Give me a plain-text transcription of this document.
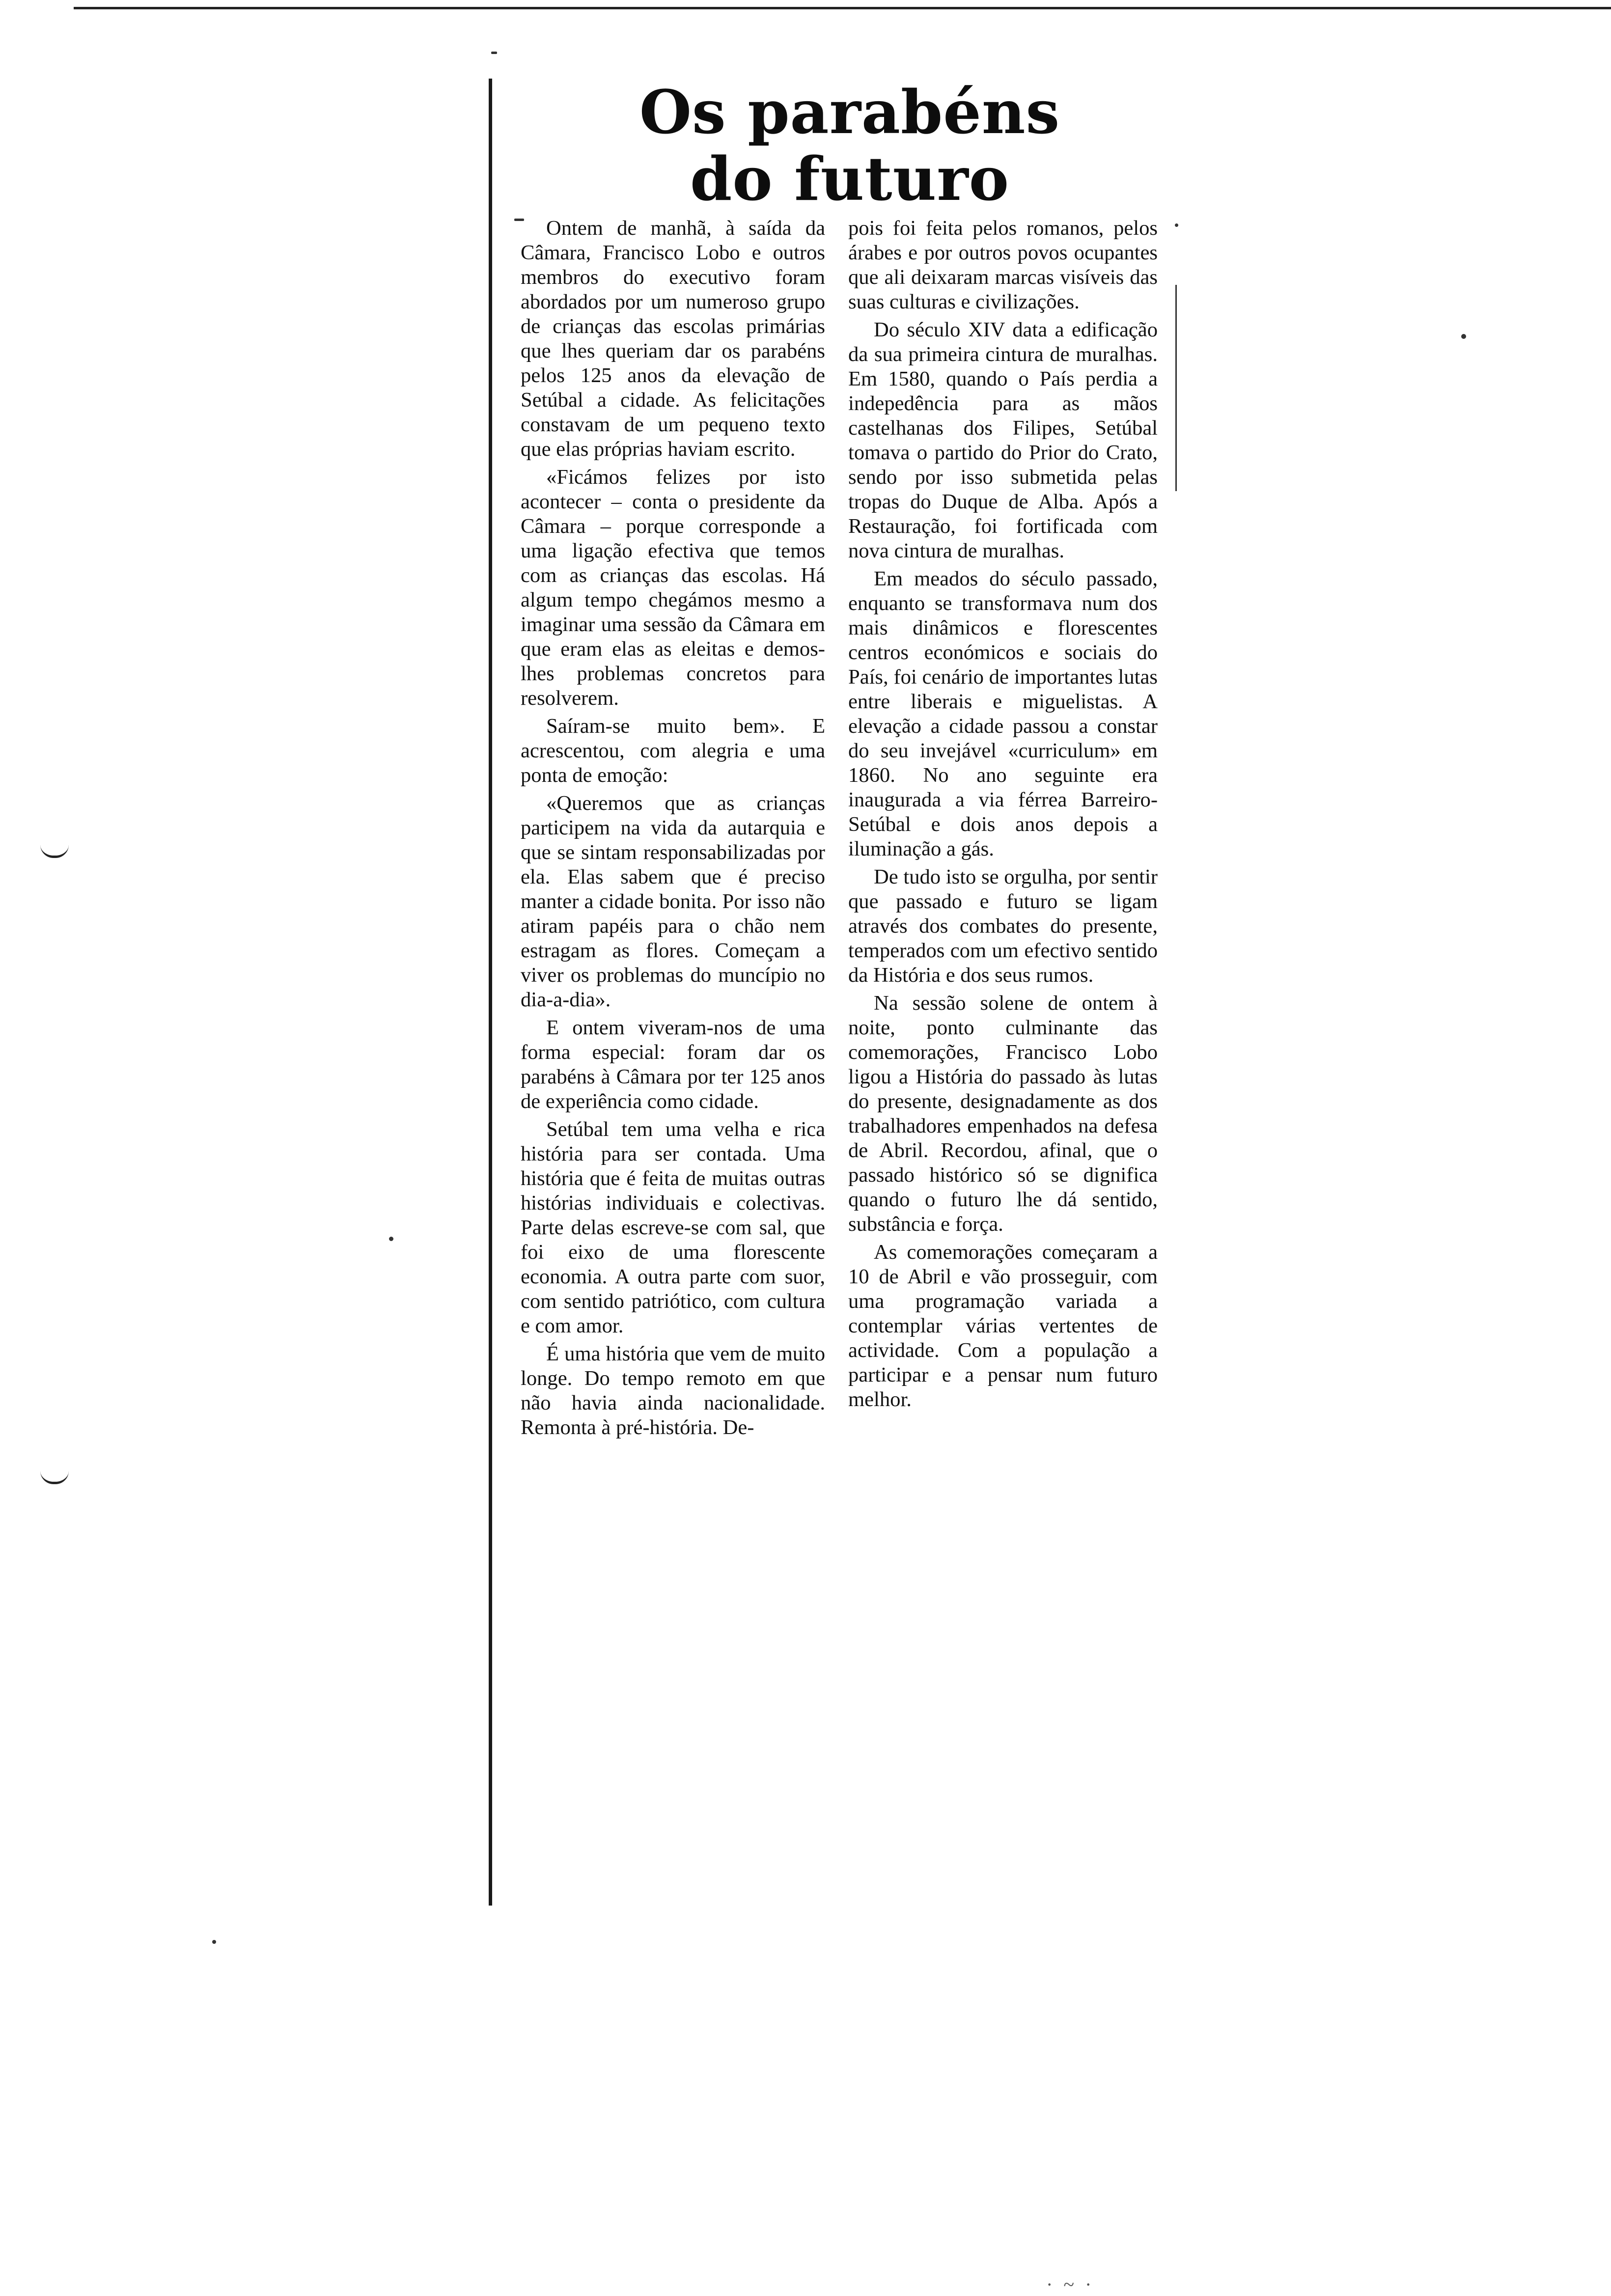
Os parabéns
do futuro

Ontem de manhã, à saída da Câmara, Francisco Lobo e outros membros do executivo foram abordados por um numeroso grupo de crianças das escolas primárias que lhes queriam dar os parabéns pelos 125 anos da elevação de Setúbal a cidade. As felicitações constavam de um pequeno texto que elas próprias haviam escrito.

«Ficámos felizes por isto acontecer – conta o presidente da Câmara – porque corresponde a uma ligação efectiva que temos com as crianças das escolas. Há algum tempo chegámos mesmo a imaginar uma sessão da Câmara em que eram elas as eleitas e demos-lhes problemas concretos para resolverem.

Saíram-se muito bem». E acrescentou, com alegria e uma ponta de emoção:

«Queremos que as crianças participem na vida da autarquia e que se sintam responsabilizadas por ela. Elas sabem que é preciso manter a cidade bonita. Por isso não atiram papéis para o chão nem estragam as flores. Começam a viver os problemas do muncípio no dia-a-dia».

E ontem viveram-nos de uma forma especial: foram dar os parabéns à Câmara por ter 125 anos de experiência como cidade.

Setúbal tem uma velha e rica história para ser contada. Uma história que é feita de muitas outras histórias individuais e colectivas. Parte delas escreve-se com sal, que foi eixo de uma florescente economia. A outra parte com suor, com sentido patriótico, com cultura e com amor.

É uma história que vem de muito longe. Do tempo remoto em que não havia ainda nacionalidade. Remonta à pré-história. De-

pois foi feita pelos romanos, pelos árabes e por outros povos ocupantes que ali deixaram marcas visíveis das suas culturas e civilizações.

Do século XIV data a edificação da sua primeira cintura de muralhas. Em 1580, quando o País perdia a indepedência para as mãos castelhanas dos Filipes, Setúbal tomava o partido do Prior do Crato, sendo por isso submetida pelas tropas do Duque de Alba. Após a Restauração, foi fortificada com nova cintura de muralhas.

Em meados do século passado, enquanto se transformava num dos mais dinâmicos e florescentes centros económicos e sociais do País, foi cenário de importantes lutas entre liberais e miguelistas. A elevação a cidade passou a constar do seu invejável «curriculum» em 1860. No ano seguinte era inaugurada a via férrea Barreiro-Setúbal e dois anos depois a iluminação a gás.

De tudo isto se orgulha, por sentir que passado e futuro se ligam através dos combates do presente, temperados com um efectivo sentido da História e dos seus rumos.

Na sessão solene de ontem à noite, ponto culminante das comemorações, Francisco Lobo ligou a História do passado às lutas do presente, designadamente as dos trabalhadores empenhados na defesa de Abril. Recordou, afinal, que o passado histórico só se dignifica quando o futuro lhe dá sentido, substância e força.

As comemorações começaram a 10 de Abril e vão prosseguir, com uma programação variada a contemplar várias vertentes de actividade. Com a população a participar e a pensar num futuro melhor.

· ~ ·
